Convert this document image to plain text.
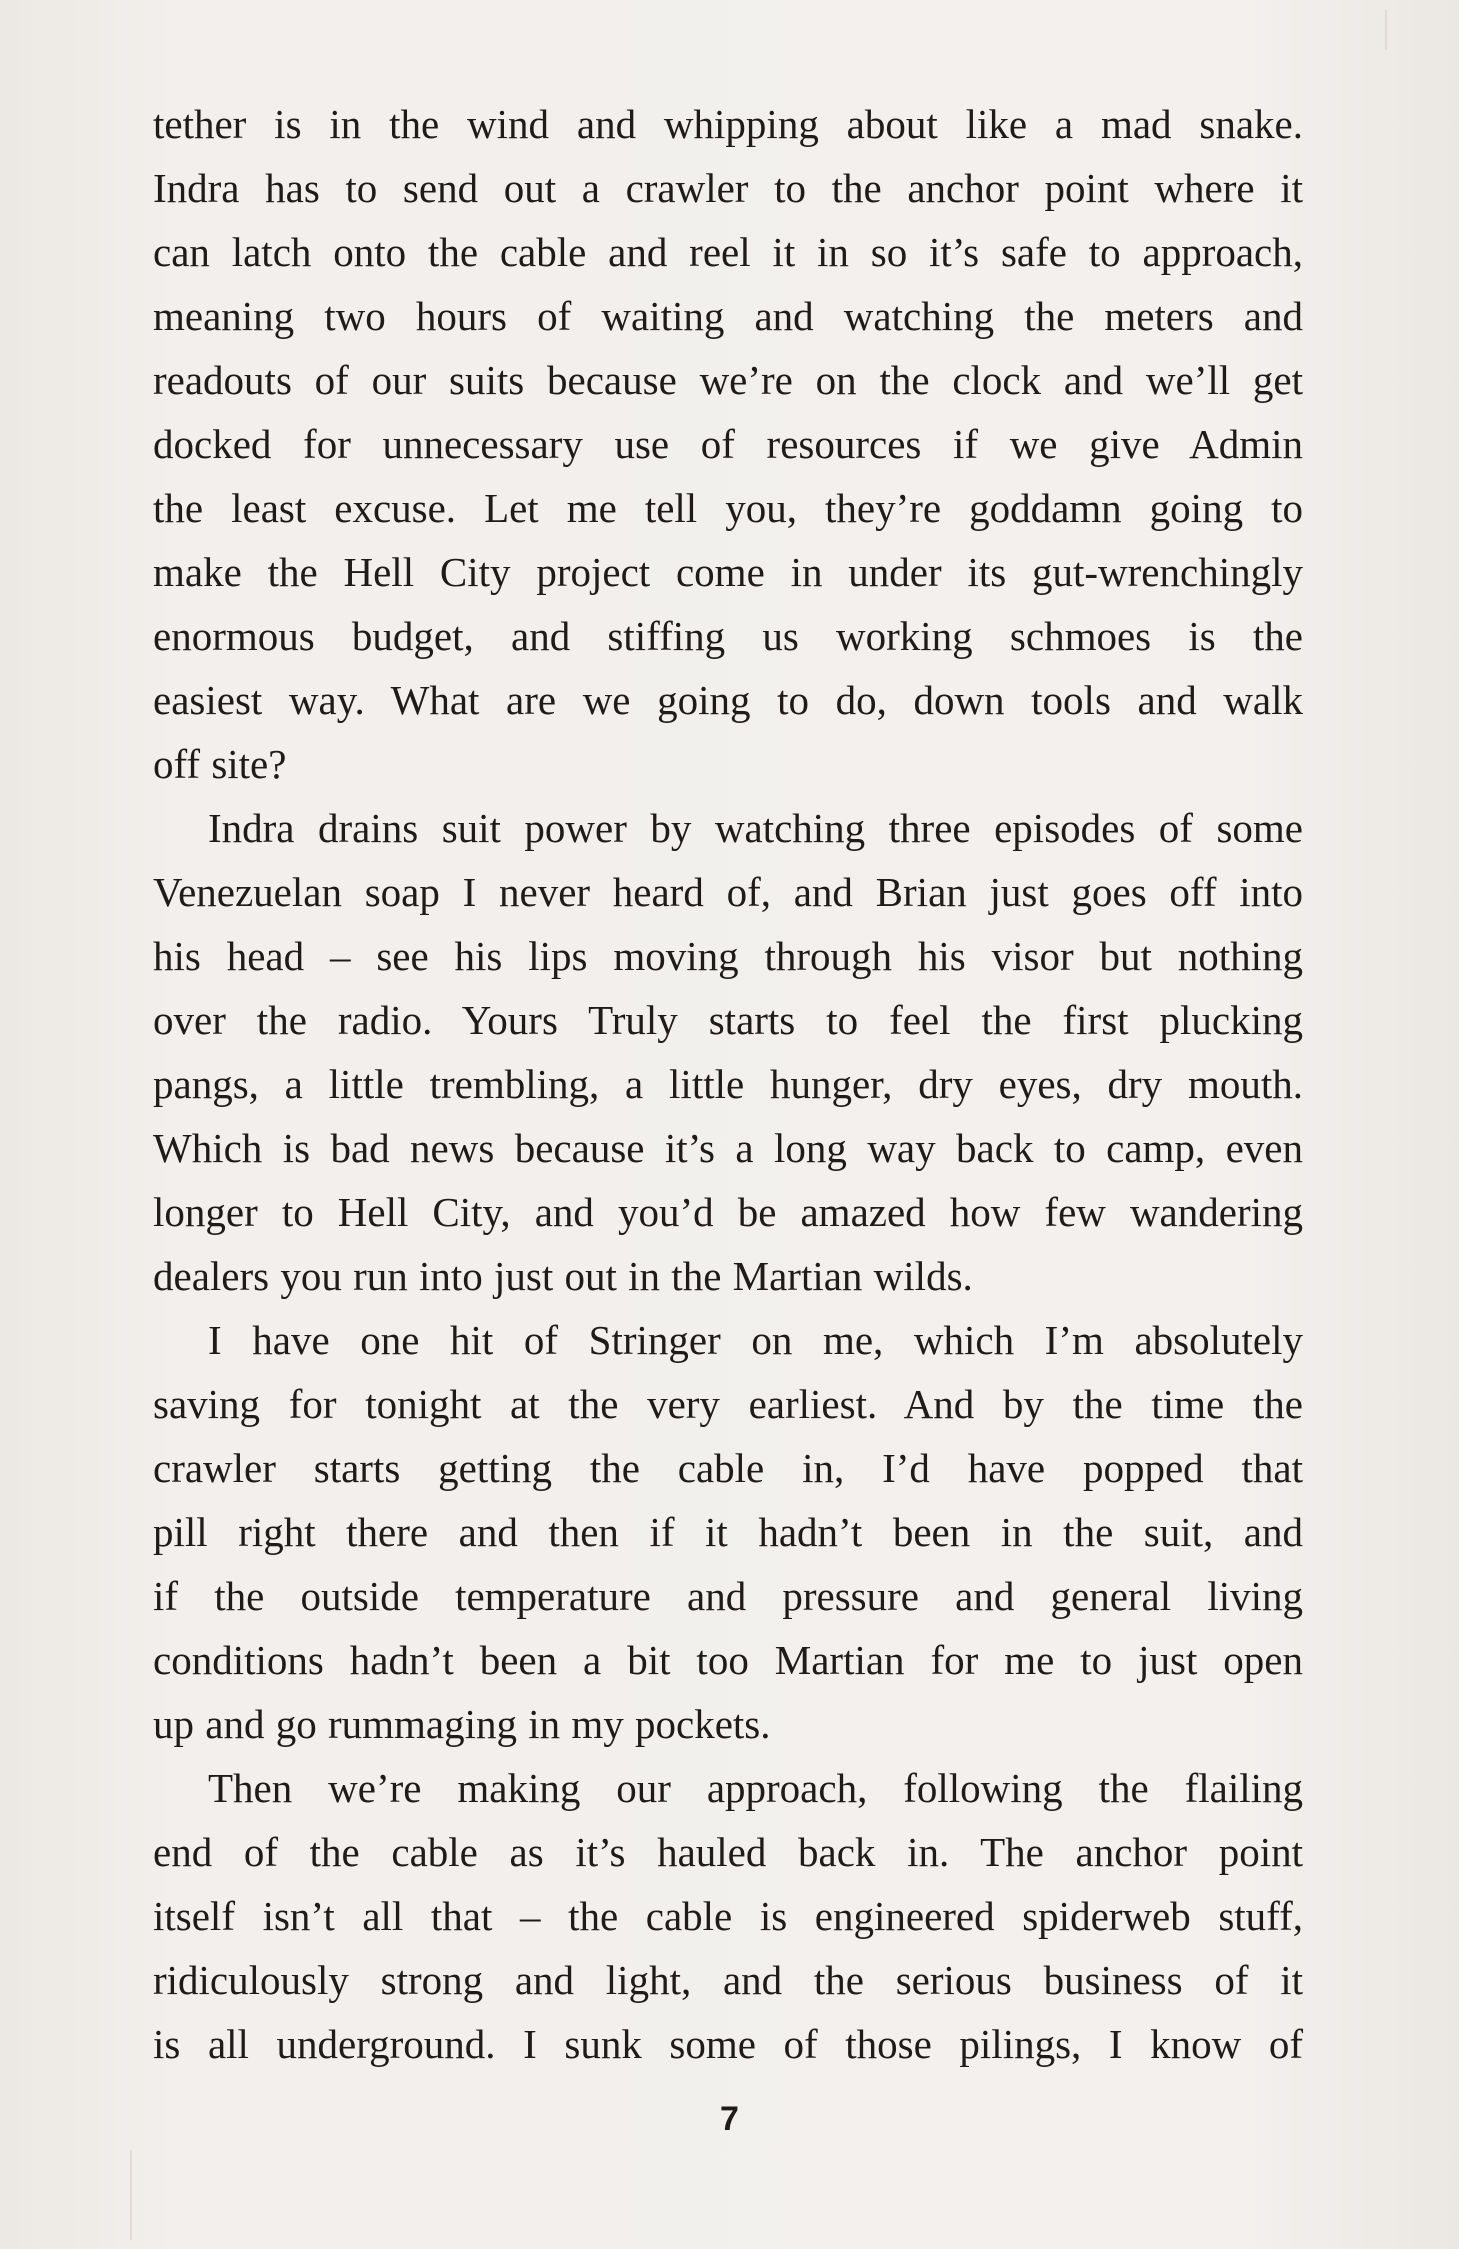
tether is in the wind and whipping about like a mad snake.
Indra has to send out a crawler to the anchor point where it
can latch onto the cable and reel it in so it’s safe to approach,
meaning two hours of waiting and watching the meters and
readouts of our suits because we’re on the clock and we’ll get
docked for unnecessary use of resources if we give Admin
the least excuse. Let me tell you, they’re goddamn going to
make the Hell City project come in under its gut-wrenchingly
enormous budget, and stiffing us working schmoes is the
easiest way. What are we going to do, down tools and walk
off site?
Indra drains suit power by watching three episodes of some
Venezuelan soap I never heard of, and Brian just goes off into
his head – see his lips moving through his visor but nothing
over the radio. Yours Truly starts to feel the first plucking
pangs, a little trembling, a little hunger, dry eyes, dry mouth.
Which is bad news because it’s a long way back to camp, even
longer to Hell City, and you’d be amazed how few wandering
dealers you run into just out in the Martian wilds.
I have one hit of Stringer on me, which I’m absolutely
saving for tonight at the very earliest. And by the time the
crawler starts getting the cable in, I’d have popped that
pill right there and then if it hadn’t been in the suit, and
if the outside temperature and pressure and general living
conditions hadn’t been a bit too Martian for me to just open
up and go rummaging in my pockets.
Then we’re making our approach, following the flailing
end of the cable as it’s hauled back in. The anchor point
itself isn’t all that – the cable is engineered spiderweb stuff,
ridiculously strong and light, and the serious business of it
is all underground. I sunk some of those pilings, I know of
7
